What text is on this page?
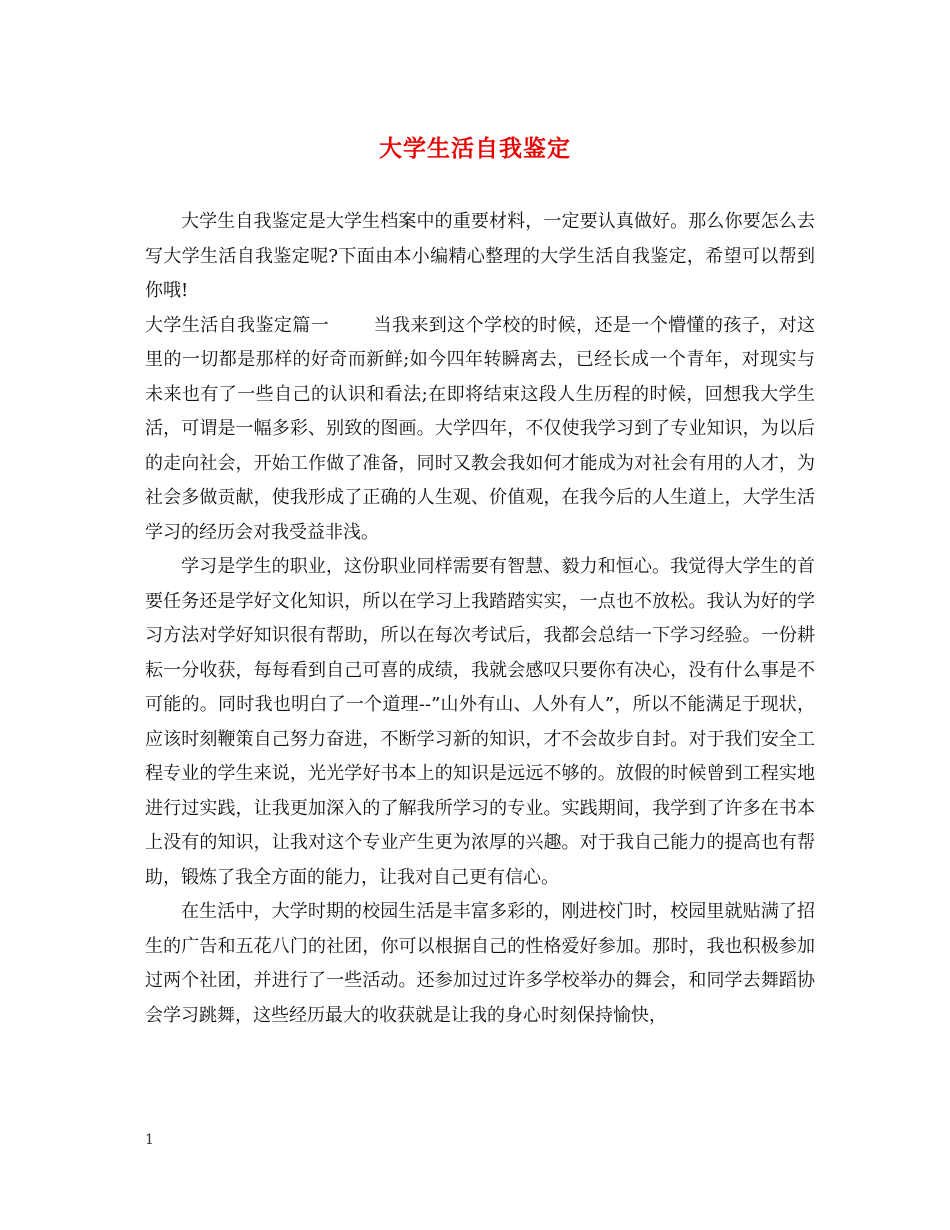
大学生活自我鉴定

大学生自我鉴定是大学生档案中的重要材料，一定要认真做好。那么你要怎么去写大学生活自我鉴定呢?下面由本小编精心整理的大学生活自我鉴定，希望可以帮到你哦!

大学生活自我鉴定篇一 当我来到这个学校的时候，还是一个懵懂的孩子，对这里的一切都是那样的好奇而新鲜;如今四年转瞬离去，已经长成一个青年，对现实与未来也有了一些自己的认识和看法;在即将结束这段人生历程的时候，回想我大学生活，可谓是一幅多彩、别致的图画。大学四年，不仅使我学习到了专业知识，为以后的走向社会，开始工作做了准备，同时又教会我如何才能成为对社会有用的人才，为社会多做贡献，使我形成了正确的人生观、价值观，在我今后的人生道上，大学生活学习的经历会对我受益非浅。

学习是学生的职业，这份职业同样需要有智慧、毅力和恒心。我觉得大学生的首要任务还是学好文化知识，所以在学习上我踏踏实实，一点也不放松。我认为好的学习方法对学好知识很有帮助，所以在每次考试后，我都会总结一下学习经验。一份耕耘一分收获，每每看到自己可喜的成绩，我就会感叹只要你有决心，没有什么事是不可能的。同时我也明白了一个道理--”山外有山、人外有人”，所以不能满足于现状，应该时刻鞭策自己努力奋进，不断学习新的知识，才不会故步自封。对于我们安全工程专业的学生来说，光光学好书本上的知识是远远不够的。放假的时候曾到工程实地进行过实践，让我更加深入的了解我所学习的专业。实践期间，我学到了许多在书本上没有的知识，让我对这个专业产生更为浓厚的兴趣。对于我自己能力的提高也有帮助，锻炼了我全方面的能力，让我对自己更有信心。

在生活中，大学时期的校园生活是丰富多彩的，刚进校门时，校园里就贴满了招生的广告和五花八门的社团，你可以根据自己的性格爱好参加。那时，我也积极参加过两个社团，并进行了一些活动。还参加过过许多学校举办的舞会，和同学去舞蹈协会学习跳舞，这些经历最大的收获就是让我的身心时刻保持愉快，

1
